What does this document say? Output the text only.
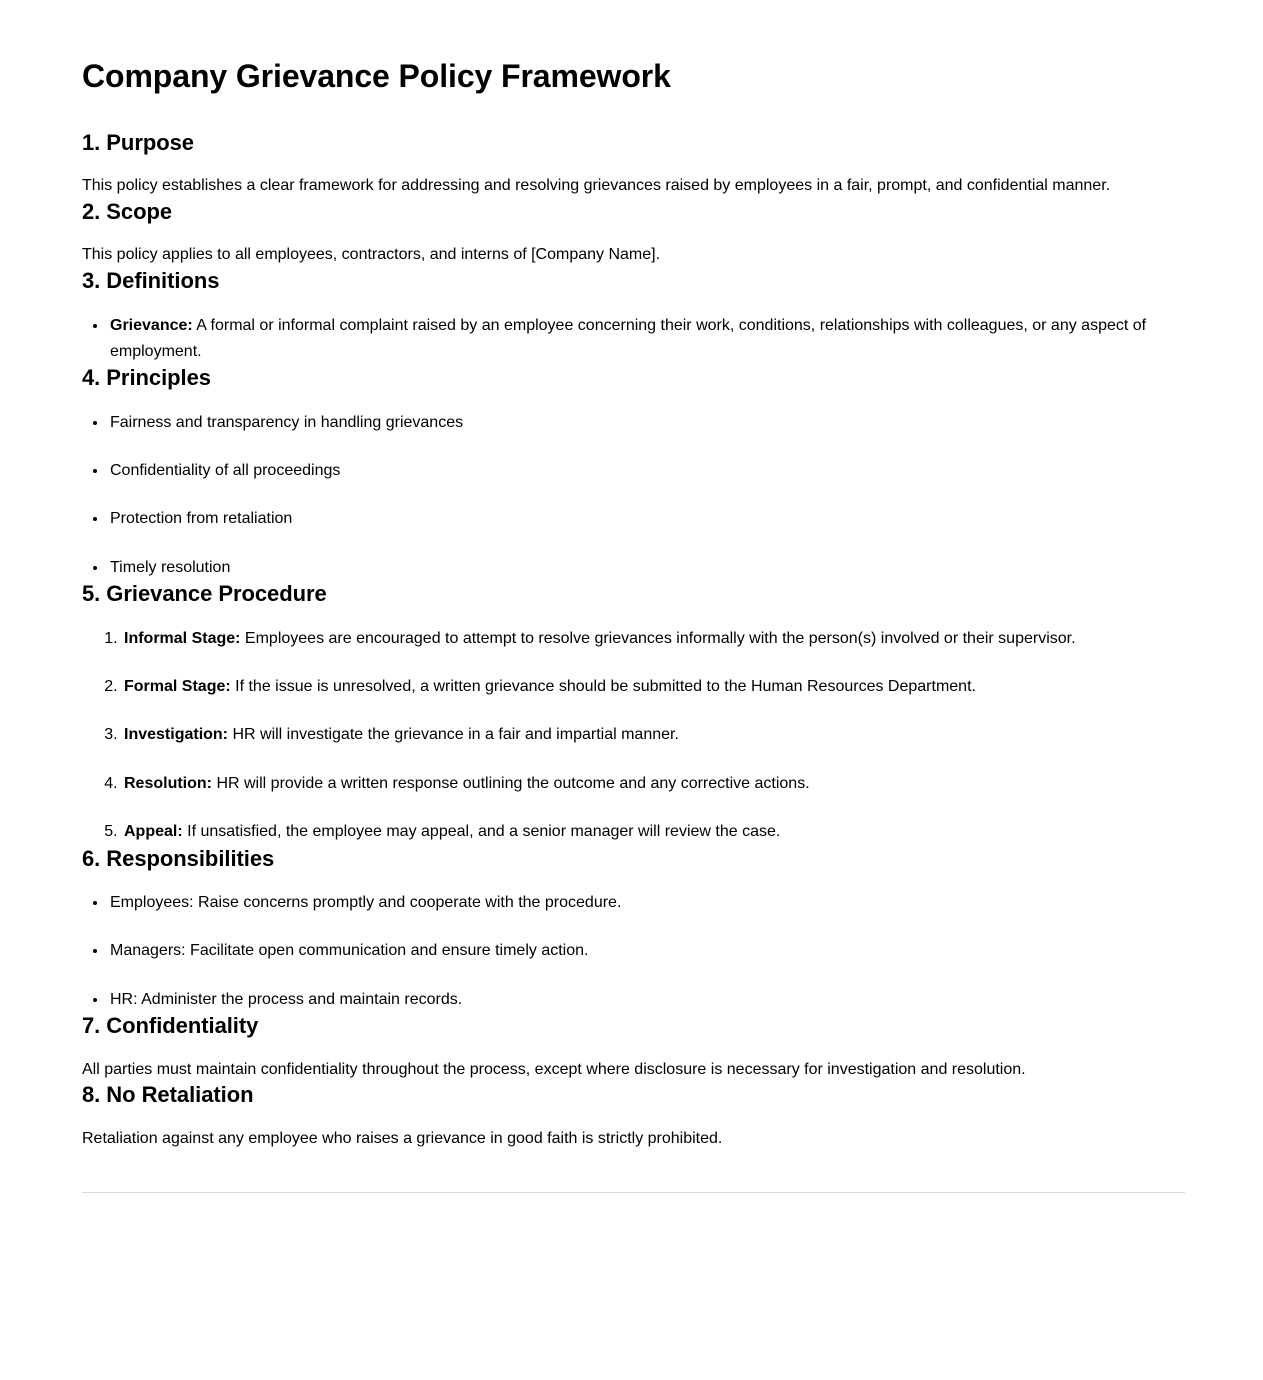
Company Grievance Policy Framework
1. Purpose

This policy establishes a clear framework for addressing and resolving grievances raised by employees in a fair, prompt, and confidential manner.

2. Scope

This policy applies to all employees, contractors, and interns of [Company Name].

3. Definitions
• Grievance: A formal or informal complaint raised by an employee concerning their work, conditions, relationships with colleagues, or any aspect of employment.
4. Principles
• Fairness and transparency in handling grievances
• Confidentiality of all proceedings
• Protection from retaliation
• Timely resolution
5. Grievance Procedure
1. Informal Stage: Employees are encouraged to attempt to resolve grievances informally with the person(s) involved or their supervisor.
2. Formal Stage: If the issue is unresolved, a written grievance should be submitted to the Human Resources Department.
3. Investigation: HR will investigate the grievance in a fair and impartial manner.
4. Resolution: HR will provide a written response outlining the outcome and any corrective actions.
5. Appeal: If unsatisfied, the employee may appeal, and a senior manager will review the case.
6. Responsibilities
• Employees: Raise concerns promptly and cooperate with the procedure.
• Managers: Facilitate open communication and ensure timely action.
• HR: Administer the process and maintain records.
7. Confidentiality

All parties must maintain confidentiality throughout the process, except where disclosure is necessary for investigation and resolution.

8. No Retaliation

Retaliation against any employee who raises a grievance in good faith is strictly prohibited.
